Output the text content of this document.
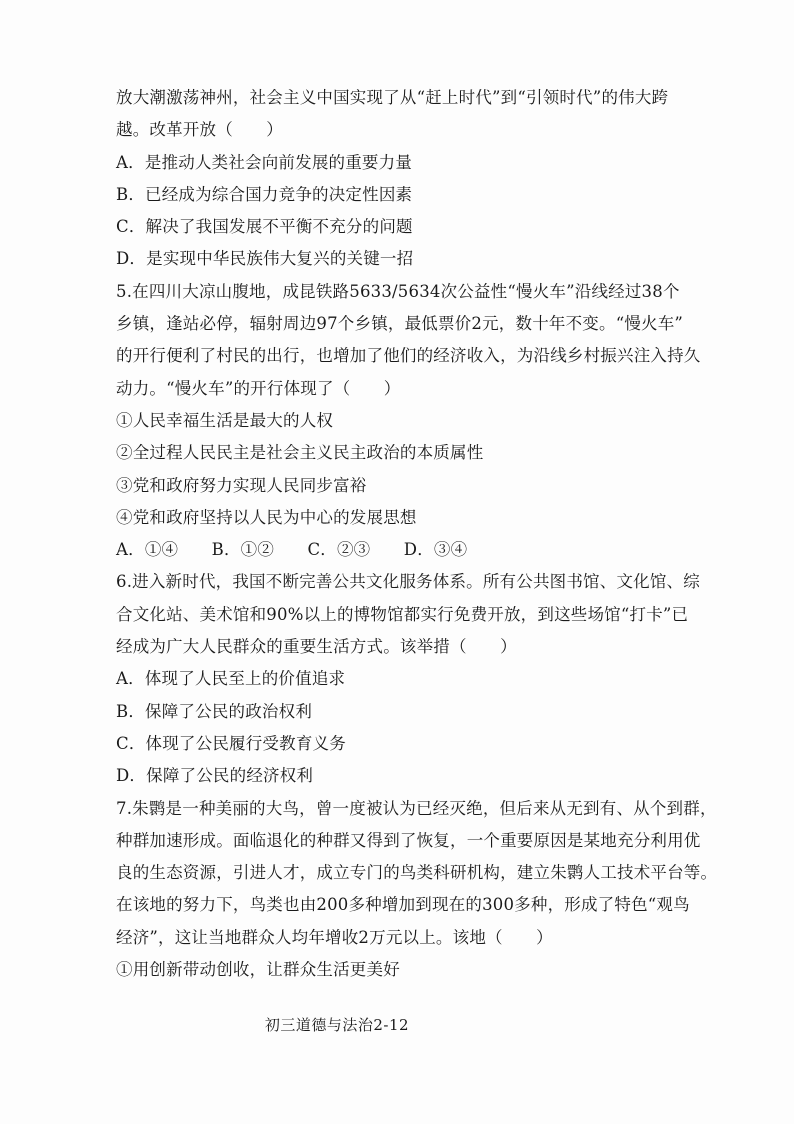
放大潮激荡神州，社会主义中国实现了从“赶上时代”到“引领时代”的伟大跨
越。改革开放（　　）
A．是推动人类社会向前发展的重要力量
B．已经成为综合国力竞争的决定性因素
C．解决了我国发展不平衡不充分的问题
D．是实现中华民族伟大复兴的关键一招
5.在四川大凉山腹地，成昆铁路5633/5634次公益性“慢火车”沿线经过38个
乡镇，逢站必停，辐射周边97个乡镇，最低票价2元，数十年不变。“慢火车”
的开行便利了村民的出行，也增加了他们的经济收入，为沿线乡村振兴注入持久
动力。“慢火车”的开行体现了（　　）
①人民幸福生活是最大的人权
②全过程人民民主是社会主义民主政治的本质属性
③党和政府努力实现人民同步富裕
④党和政府坚持以人民为中心的发展思想
A．①④　　B．①②　　C．②③　　D．③④
6.进入新时代，我国不断完善公共文化服务体系。所有公共图书馆、文化馆、综
合文化站、美术馆和90%以上的博物馆都实行免费开放，到这些场馆“打卡”已
经成为广大人民群众的重要生活方式。该举措（　　）
A．体现了人民至上的价值追求
B．保障了公民的政治权利
C．体现了公民履行受教育义务
D．保障了公民的经济权利
7.朱鹮是一种美丽的大鸟，曾一度被认为已经灭绝，但后来从无到有、从个到群，
种群加速形成。面临退化的种群又得到了恢复，一个重要原因是某地充分利用优
良的生态资源，引进人才，成立专门的鸟类科研机构，建立朱鹮人工技术平台等。
在该地的努力下，鸟类也由200多种增加到现在的300多种，形成了特色“观鸟
经济”，这让当地群众人均年增收2万元以上。该地（　　）
①用创新带动创收，让群众生活更美好
初三道德与法治2-12
